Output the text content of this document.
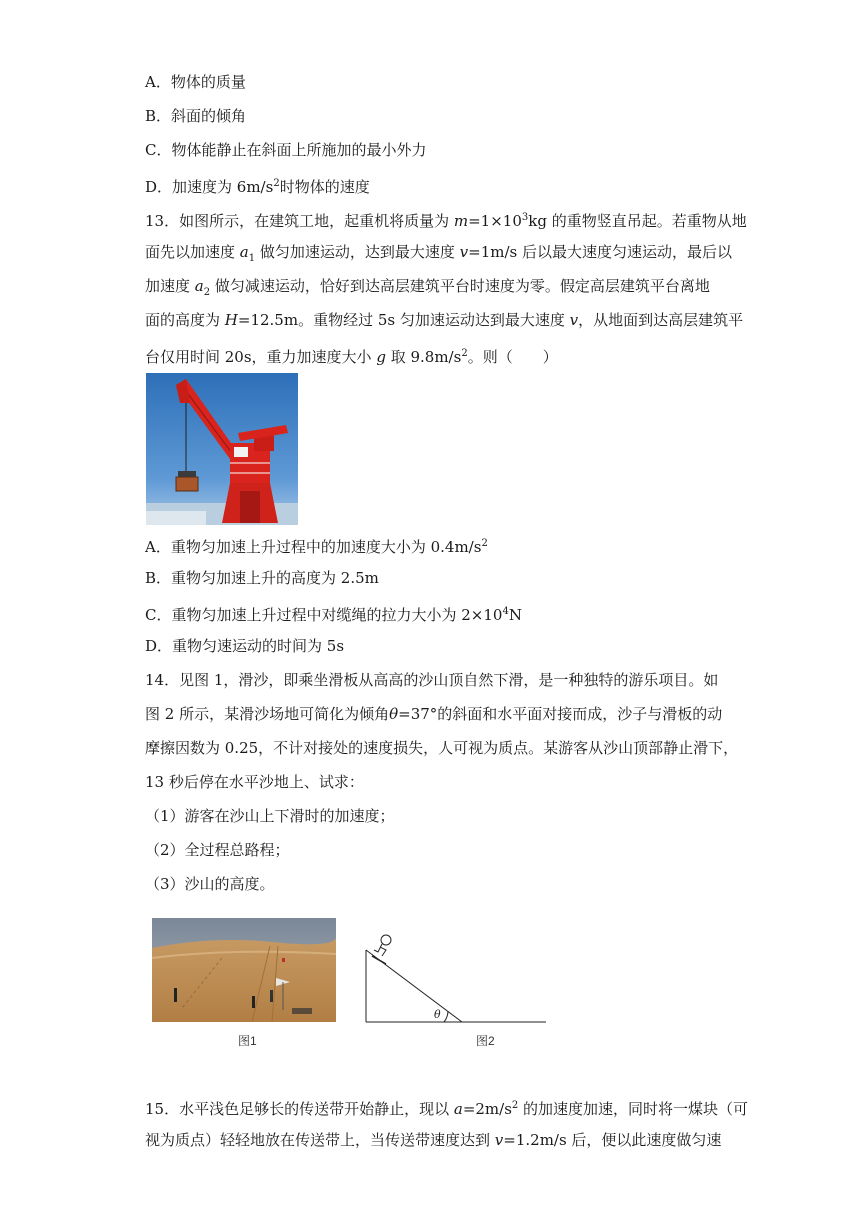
A．物体的质量
B．斜面的倾角
C．物体能静止在斜面上所施加的最小外力
D．加速度为 $6m/s^2$时物体的速度
13．如图所示，在建筑工地，起重机将质量为 $m=1\times 10^3kg$ 的重物竖直吊起。若重物从地
面先以加速度 $a_1$ 做匀加速运动，达到最大速度 v=1m/s 后以最大速度匀速运动，最后以
加速度 $a_2$ 做匀减速运动，恰好到达高层建筑平台时速度为零。假定高层建筑平台离地
面的高度为 H=12.5m。重物经过 5s 匀加速运动达到最大速度 v，从地面到达高层建筑平
台仅用时间 20s，重力加速度大小 g 取 $9.8m/s^2$。则（　　）
A．重物匀加速上升过程中的加速度大小为 $0.4m/s^2$
B．重物匀加速上升的高度为 2.5m
C．重物匀加速上升过程中对缆绳的拉力大小为 $2\times 10^4N$
D．重物匀速运动的时间为 5s
14．见图 1，滑沙，即乘坐滑板从高高的沙山顶自然下滑，是一种独特的游乐项目。如
图 2 所示，某滑沙场地可简化为倾角θ=37°的斜面和水平面对接而成，沙子与滑板的动
摩擦因数为 0.25，不计对接处的速度损失，人可视为质点。某游客从沙山顶部静止滑下，
13 秒后停在水平沙地上、试求：
（1）游客在沙山上下滑时的加速度；
（2）全过程总路程；
（3）沙山的高度。
图1
θ
图2
15．水平浅色足够长的传送带开始静止，现以 $a=2m/s^2$ 的加速度加速，同时将一煤块（可
视为质点）轻轻地放在传送带上，当传送带速度达到 v=1.2m/s 后，便以此速度做匀速
